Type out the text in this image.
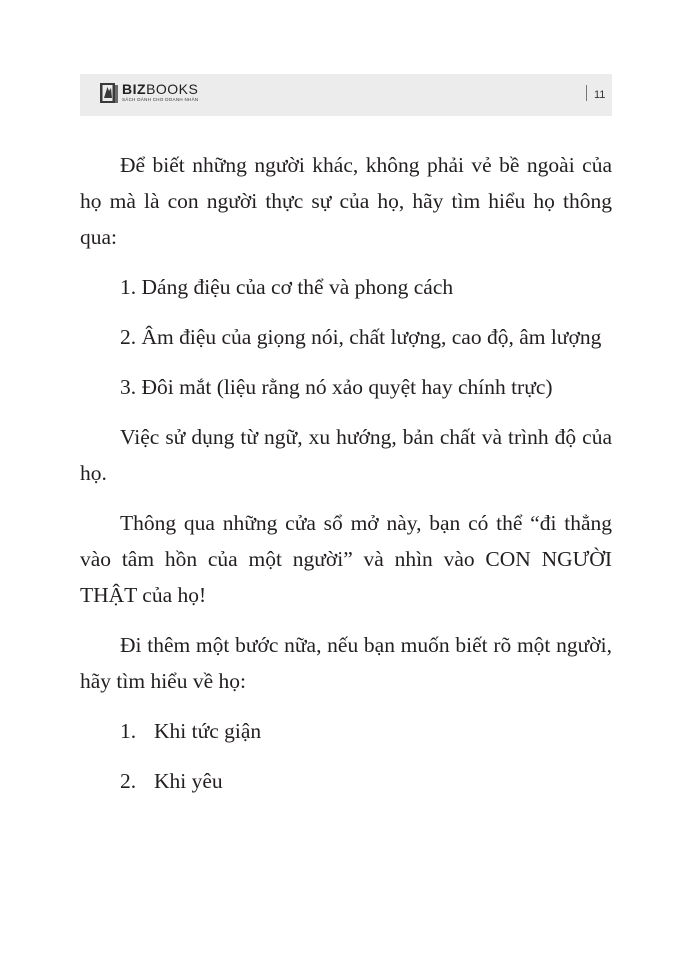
BIZBOOKS
SÁCH DÀNH CHO DOANH NHÂN	11

Để biết những người khác, không phải vẻ bề ngoài của họ mà là con người thực sự của họ, hãy tìm hiểu họ thông qua:

1. Dáng điệu của cơ thể và phong cách

2. Âm điệu của giọng nói, chất lượng, cao độ, âm lượng

3. Đôi mắt (liệu rằng nó xảo quyệt hay chính trực)

Việc sử dụng từ ngữ, xu hướng, bản chất và trình độ của họ.

Thông qua những cửa sổ mở này, bạn có thể “đi thẳng vào tâm hồn của một người” và nhìn vào CON NGƯỜI THẬT của họ!

Đi thêm một bước nữa, nếu bạn muốn biết rõ một người, hãy tìm hiểu về họ:

1. Khi tức giận
2. Khi yêu
